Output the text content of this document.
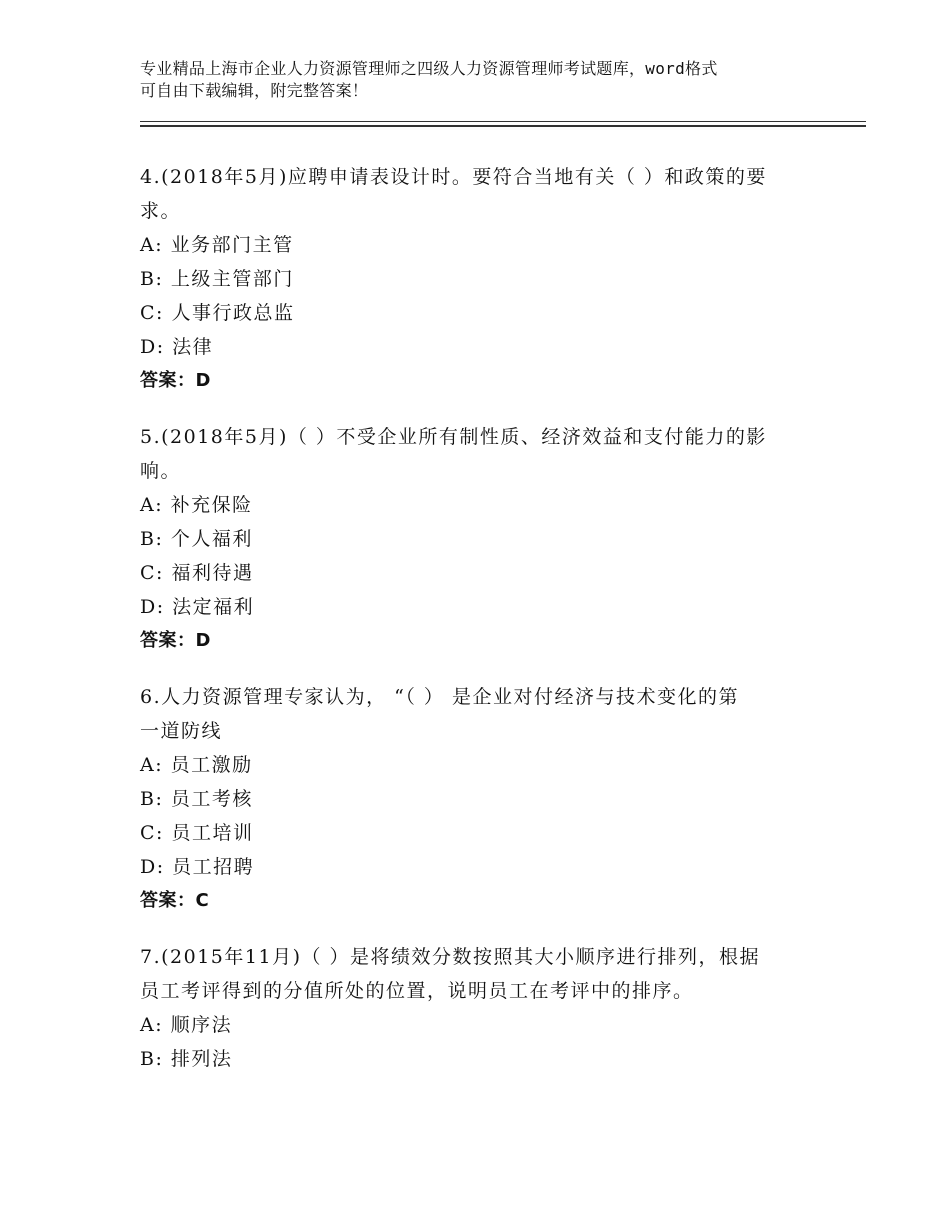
专业精品上海市企业人力资源管理师之四级人力资源管理师考试题库，word格式
可自由下载编辑，附完整答案！
4.(2018年5月)应聘申请表设计时。要符合当地有关（ ）和政策的要
求。
A: 业务部门主管
B: 上级主管部门
C: 人事行政总监
D: 法律
答案：D
5.(2018年5月)（ ）不受企业所有制性质、经济效益和支付能力的影
响。
A: 补充保险
B: 个人福利
C: 福利待遇
D: 法定福利
答案：D
6.人力资源管理专家认为， “（ ） 是企业对付经济与技术变化的第
一道防线
A: 员工激励
B: 员工考核
C: 员工培训
D: 员工招聘
答案：C
7.(2015年11月)（ ）是将绩效分数按照其大小顺序进行排列，根据
员工考评得到的分值所处的位置，说明员工在考评中的排序。
A: 顺序法
B: 排列法
